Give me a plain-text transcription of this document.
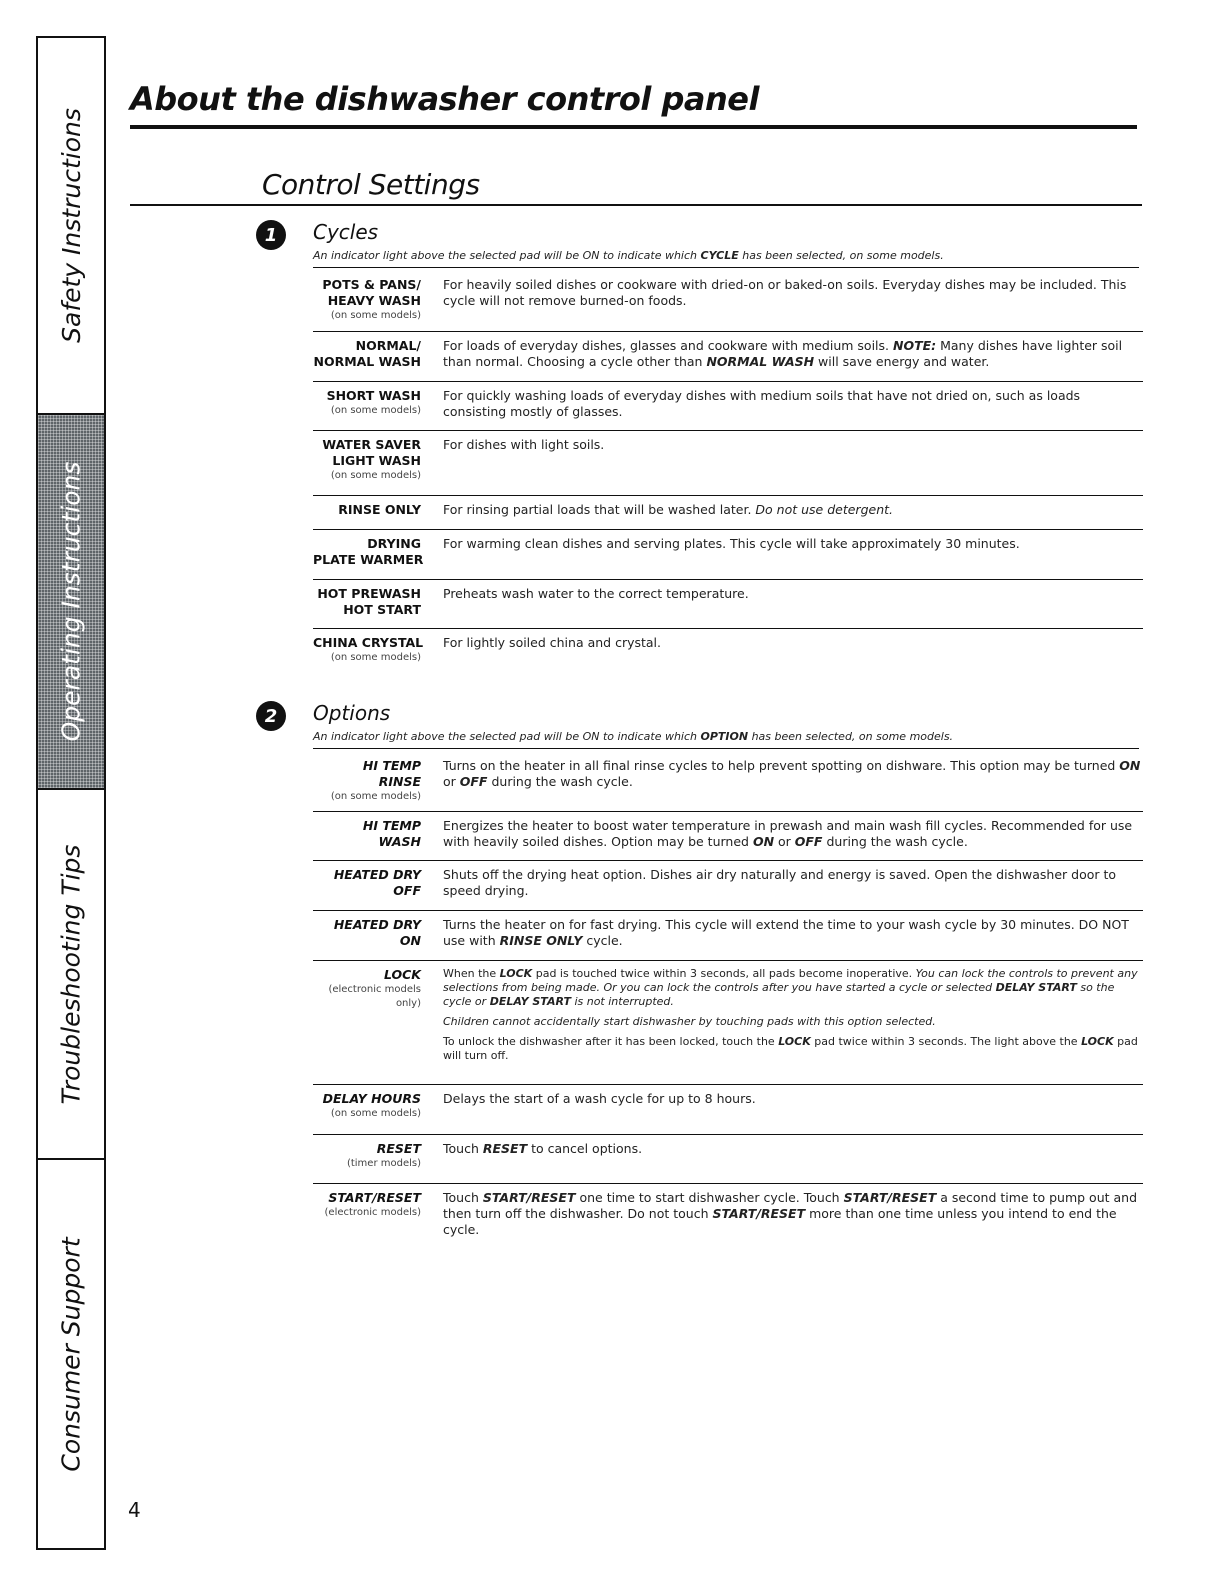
Safety Instructions
Operating Instructions
Troubleshooting Tips
Consumer Support
About the dishwasher control panel
Control Settings
1	Cycles
An indicator light above the selected pad will be ON to indicate which CYCLE has been selected, on some models.
POTS & PANS/
HEAVY WASH
(on some models)
For heavily soiled dishes or cookware with dried-on or baked-on soils. Everyday dishes may be included. This cycle will not remove burned-on foods.
NORMAL/
NORMAL WASH
For loads of everyday dishes, glasses and cookware with medium soils. NOTE: Many dishes have lighter soil than normal. Choosing a cycle other than NORMAL WASH will save energy and water.
SHORT WASH
(on some models)
For quickly washing loads of everyday dishes with medium soils that have not dried on, such as loads consisting mostly of glasses.
WATER SAVER
LIGHT WASH
(on some models)
For dishes with light soils.
RINSE ONLY For rinsing partial loads that will be washed later. Do not use detergent.
DRYING
PLATE WARMER
For warming clean dishes and serving plates. This cycle will take approximately 30 minutes.
HOT PREWASH
HOT START
Preheats wash water to the correct temperature.
CHINA CRYSTAL
(on some models)
For lightly soiled china and crystal.
2	Options
An indicator light above the selected pad will be ON to indicate which OPTION has been selected, on some models.
HI TEMP
RINSE
(on some models)
Turns on the heater in all final rinse cycles to help prevent spotting on dishware. This option may be turned ON or OFF during the wash cycle.
HI TEMP
WASH
Energizes the heater to boost water temperature in prewash and main wash fill cycles. Recommended for use with heavily soiled dishes. Option may be turned ON or OFF during the wash cycle.
HEATED DRY
OFF
Shuts off the drying heat option. Dishes air dry naturally and energy is saved. Open the dishwasher door to speed drying.
HEATED DRY
ON
Turns the heater on for fast drying. This cycle will extend the time to your wash cycle by 30 minutes. DO NOT use with RINSE ONLY cycle.
LOCK
(electronic models
only)

When the LOCK pad is touched twice within 3 seconds, all pads become inoperative. You can lock the controls to prevent any selections from being made. Or you can lock the controls after you have started a cycle or selected DELAY START so the cycle or DELAY START is not interrupted.

Children cannot accidentally start dishwasher by touching pads with this option selected.

To unlock the dishwasher after it has been locked, touch the LOCK pad twice within 3 seconds. The light above the LOCK pad will turn off.

DELAY HOURS
(on some models)
Delays the start of a wash cycle for up to 8 hours.
RESET
(timer models)
Touch RESET to cancel options.
START/RESET
(electronic models)
Touch START/RESET one time to start dishwasher cycle. Touch START/RESET a second time to pump out and then turn off the dishwasher. Do not touch START/RESET more than one time unless you intend to end the cycle.
4
